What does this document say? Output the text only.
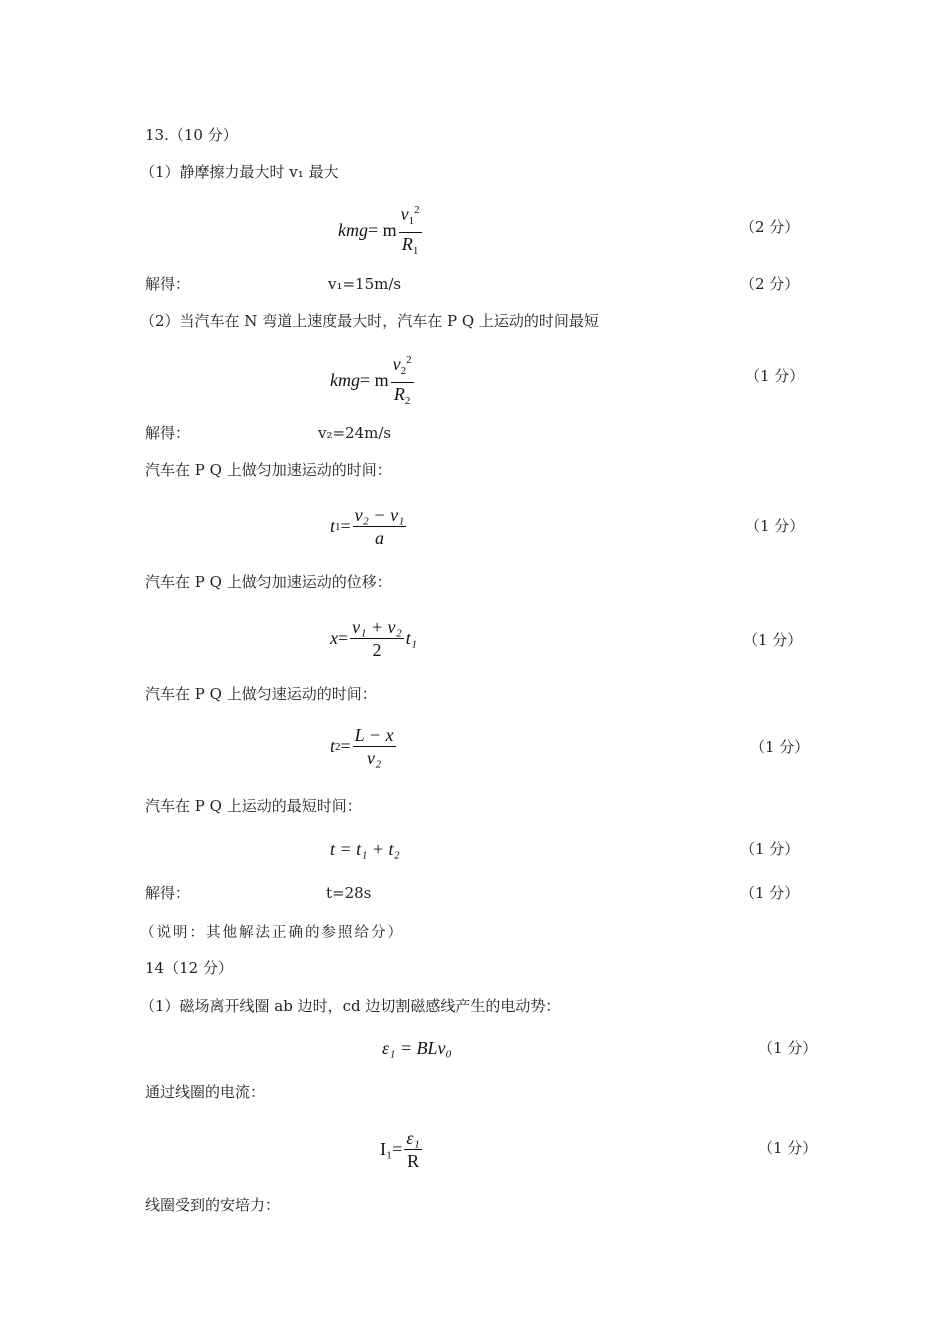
13.（10 分）
（1）静摩擦力最大时 v₁ 最大
kmg = m $\frac{v_1^2}{R_1}$	（2 分）
解得：	v₁=15m/s	（2 分）
（2）当汽车在 N 弯道上速度最大时，汽车在 P Q 上运动的时间最短
kmg = m $\frac{v_2^2}{R_2}$	（1 分）
解得：	v₂=24m/s
汽车在 P Q 上做匀加速运动的时间：
t $1 = \frac{\text{v₂ − v₁}}{a}$	（1 分）
汽车在 P Q 上做匀加速运动的位移：
$x = \frac{\text{v₁ + v₂}}{2} t_1$	（1 分）
汽车在 P Q 上做匀速运动的时间：
t $2 = \frac{L - x}{\text{v₂}}$	（1 分）
汽车在 P Q 上运动的最短时间：
t = t₁ + t₂	（1 分）
解得：	t=28s	（1 分）
（说明：其他解法正确的参照给分）
14（12 分）
（1）磁场离开线圈 ab 边时，cd 边切割磁感线产生的电动势：
ε₁ = BLv₀	（1 分）
通过线圈的电流：
$I_1= \frac{\text{ε₁}}{R}$	（1 分）
线圈受到的安培力：
